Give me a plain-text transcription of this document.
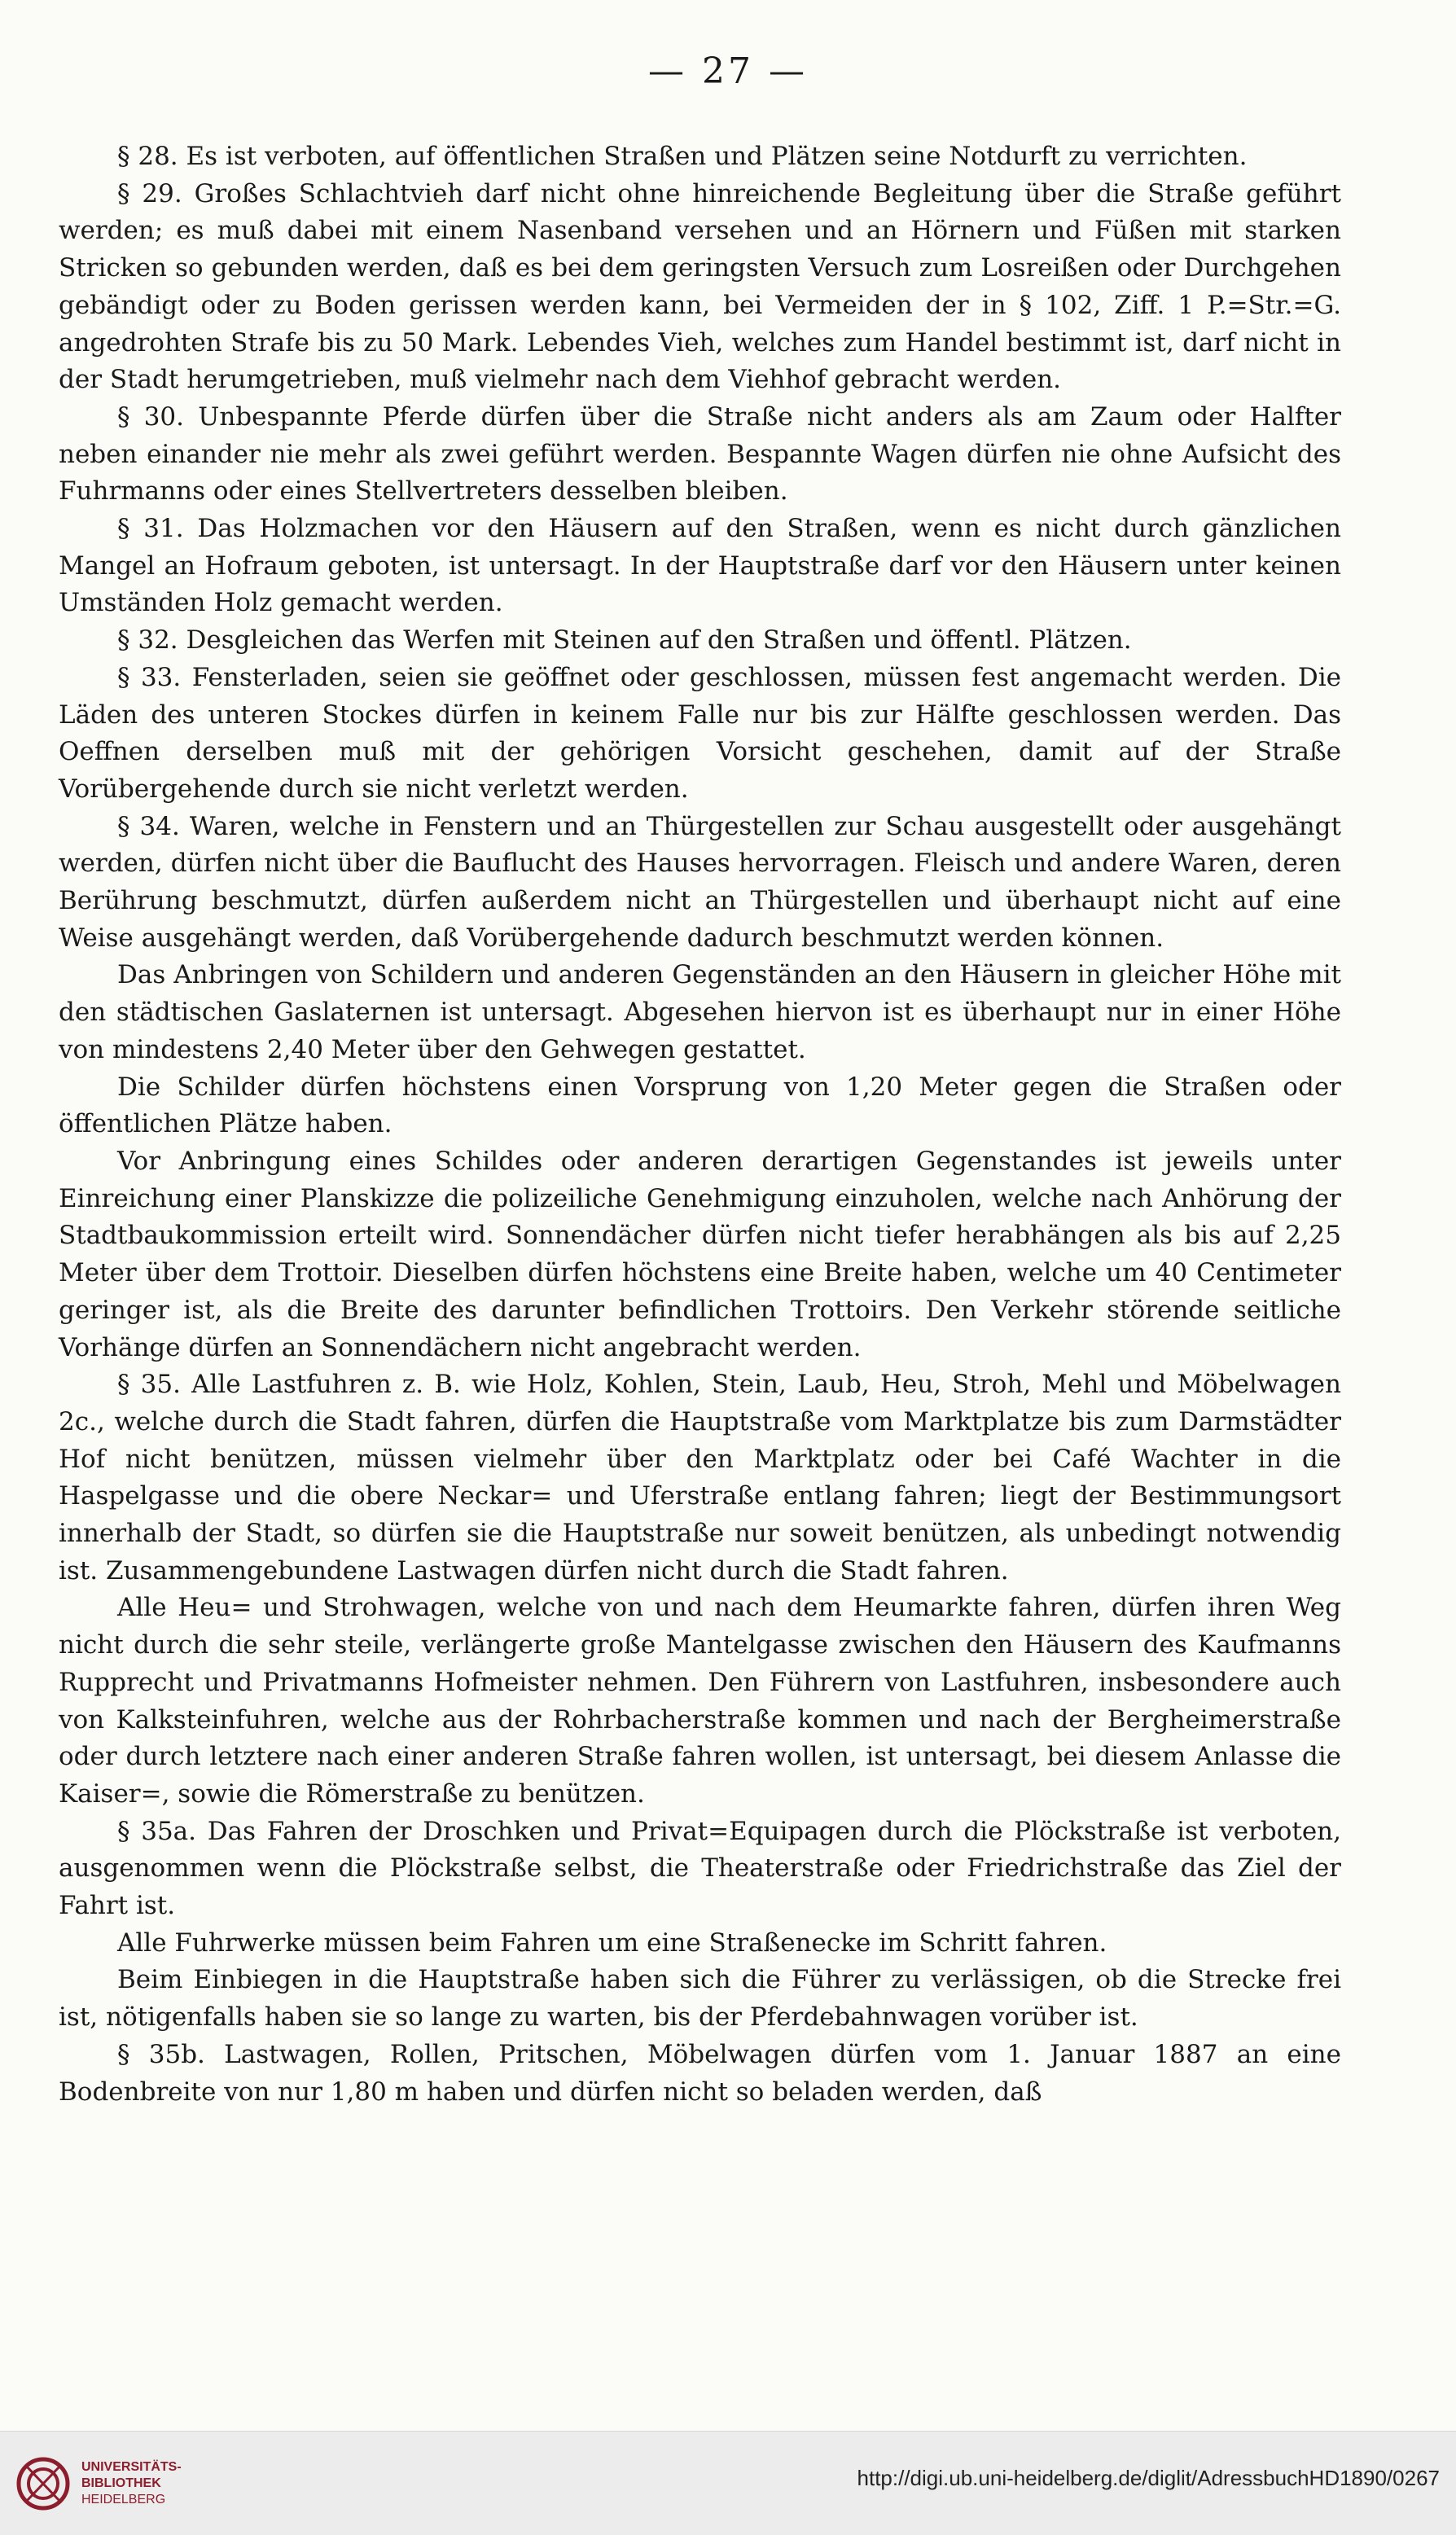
— 27 —

§ 28. Es ist verboten, auf öffentlichen Straßen und Plätzen seine Notdurft zu verrichten.

§ 29. Großes Schlachtvieh darf nicht ohne hinreichende Begleitung über die Straße geführt werden; es muß dabei mit einem Nasenband versehen und an Hörnern und Füßen mit starken Stricken so gebunden werden, daß es bei dem geringsten Versuch zum Losreißen oder Durchgehen gebändigt oder zu Boden gerissen werden kann, bei Vermeiden der in § 102, Ziff. 1 P.=Str.=G. angedrohten Strafe bis zu 50 Mark. Lebendes Vieh, welches zum Handel bestimmt ist, darf nicht in der Stadt herumgetrieben, muß vielmehr nach dem Viehhof gebracht werden.

§ 30. Unbespannte Pferde dürfen über die Straße nicht anders als am Zaum oder Halfter neben einander nie mehr als zwei geführt werden. Bespannte Wagen dürfen nie ohne Aufsicht des Fuhrmanns oder eines Stellvertreters desselben bleiben.

§ 31. Das Holzmachen vor den Häusern auf den Straßen, wenn es nicht durch gänzlichen Mangel an Hofraum geboten, ist untersagt. In der Hauptstraße darf vor den Häusern unter keinen Umständen Holz gemacht werden.

§ 32. Desgleichen das Werfen mit Steinen auf den Straßen und öffentl. Plätzen.

§ 33. Fensterladen, seien sie geöffnet oder geschlossen, müssen fest angemacht werden. Die Läden des unteren Stockes dürfen in keinem Falle nur bis zur Hälfte geschlossen werden. Das Oeffnen derselben muß mit der gehörigen Vorsicht geschehen, damit auf der Straße Vorübergehende durch sie nicht verletzt werden.

§ 34. Waren, welche in Fenstern und an Thürgestellen zur Schau ausgestellt oder ausgehängt werden, dürfen nicht über die Bauflucht des Hauses hervorragen. Fleisch und andere Waren, deren Berührung beschmutzt, dürfen außerdem nicht an Thürgestellen und überhaupt nicht auf eine Weise ausgehängt werden, daß Vorübergehende dadurch beschmutzt werden können.

Das Anbringen von Schildern und anderen Gegenständen an den Häusern in gleicher Höhe mit den städtischen Gaslaternen ist untersagt. Abgesehen hiervon ist es überhaupt nur in einer Höhe von mindestens 2,40 Meter über den Gehwegen gestattet.

Die Schilder dürfen höchstens einen Vorsprung von 1,20 Meter gegen die Straßen oder öffentlichen Plätze haben.

Vor Anbringung eines Schildes oder anderen derartigen Gegenstandes ist jeweils unter Einreichung einer Planskizze die polizeiliche Genehmigung einzuholen, welche nach Anhörung der Stadtbaukommission erteilt wird. Sonnendächer dürfen nicht tiefer herabhängen als bis auf 2,25 Meter über dem Trottoir. Dieselben dürfen höchstens eine Breite haben, welche um 40 Centimeter geringer ist, als die Breite des darunter befindlichen Trottoirs. Den Verkehr störende seitliche Vorhänge dürfen an Sonnendächern nicht angebracht werden.

§ 35. Alle Lastfuhren z. B. wie Holz, Kohlen, Stein, Laub, Heu, Stroh, Mehl und Möbelwagen 2c., welche durch die Stadt fahren, dürfen die Hauptstraße vom Marktplatze bis zum Darmstädter Hof nicht benützen, müssen vielmehr über den Marktplatz oder bei Café Wachter in die Haspelgasse und die obere Neckar= und Uferstraße entlang fahren; liegt der Bestimmungsort innerhalb der Stadt, so dürfen sie die Hauptstraße nur soweit benützen, als unbedingt notwendig ist. Zusammengebundene Lastwagen dürfen nicht durch die Stadt fahren.

Alle Heu= und Strohwagen, welche von und nach dem Heumarkte fahren, dürfen ihren Weg nicht durch die sehr steile, verlängerte große Mantelgasse zwischen den Häusern des Kaufmanns Rupprecht und Privatmanns Hofmeister nehmen. Den Führern von Lastfuhren, insbesondere auch von Kalksteinfuhren, welche aus der Rohrbacherstraße kommen und nach der Bergheimerstraße oder durch letztere nach einer anderen Straße fahren wollen, ist untersagt, bei diesem Anlasse die Kaiser=, sowie die Römerstraße zu benützen.

§ 35a. Das Fahren der Droschken und Privat=Equipagen durch die Plöckstraße ist verboten, ausgenommen wenn die Plöckstraße selbst, die Theaterstraße oder Friedrichstraße das Ziel der Fahrt ist.

Alle Fuhrwerke müssen beim Fahren um eine Straßenecke im Schritt fahren.

Beim Einbiegen in die Hauptstraße haben sich die Führer zu verlässigen, ob die Strecke frei ist, nötigenfalls haben sie so lange zu warten, bis der Pferdebahnwagen vorüber ist.

§ 35b. Lastwagen, Rollen, Pritschen, Möbelwagen dürfen vom 1. Januar 1887 an eine Bodenbreite von nur 1,80 m haben und dürfen nicht so beladen werden, daß

UNIVERSITÄTS-
BIBLIOTHEK
HEIDELBERG
http://digi.ub.uni-heidelberg.de/diglit/AdressbuchHD1890/0267
